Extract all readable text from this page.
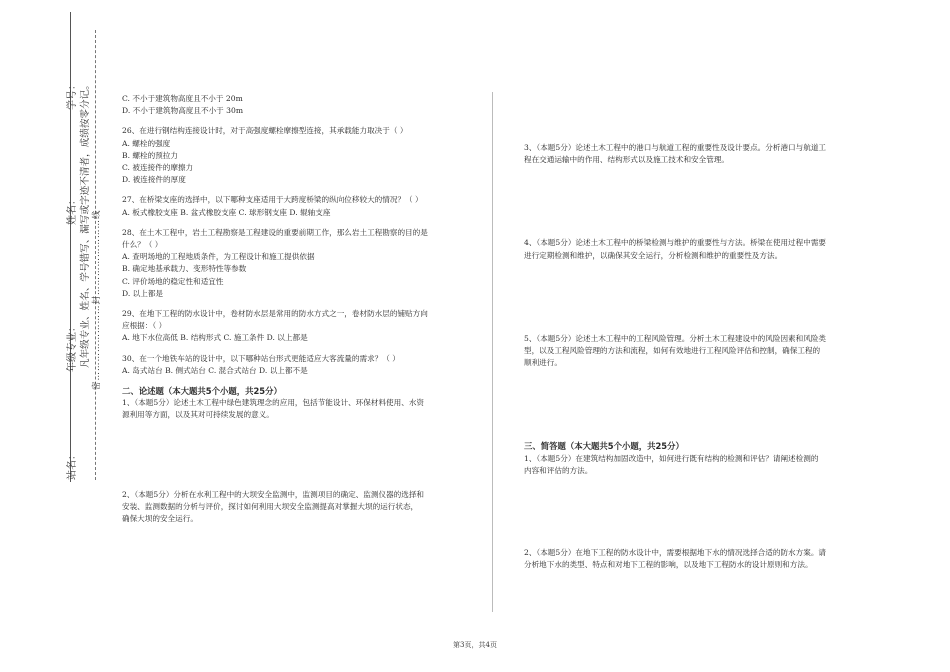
学号：
姓名：
年级专业：
站名：
凡年级专业、姓名、学号错写、漏写或字迹不清者，成绩按零分记。 密……………………封……………………线

C. 不小于建筑物高度且不小于 20m

D. 不小于建筑物高度且不小于 30m

26、在进行钢结构连接设计时，对于高强度螺栓摩擦型连接，其承载能力取决于（ ）

A. 螺栓的强度

B. 螺栓的预拉力

C. 被连接件的摩擦力

D. 被连接件的厚度

27、在桥梁支座的选择中，以下哪种支座适用于大跨度桥梁的纵向位移较大的情况？（ ）

A. 板式橡胶支座 B. 盆式橡胶支座 C. 球形钢支座 D. 辊轴支座

28、在土木工程中，岩土工程勘察是工程建设的重要前期工作，那么岩土工程勘察的目的是

什么？（ ）

A. 查明场地的工程地质条件，为工程设计和施工提供依据

B. 确定地基承载力、变形特性等参数

C. 评价场地的稳定性和适宜性

D. 以上都是

29、在地下工程的防水设计中，卷材防水层是常用的防水方式之一，卷材防水层的铺贴方向

应根据：（ ）

A. 地下水位高低 B. 结构形式 C. 施工条件 D. 以上都是

30、在一个地铁车站的设计中，以下哪种站台形式更能适应大客流量的需求？（ ）

A. 岛式站台 B. 侧式站台 C. 混合式站台 D. 以上都不是

二、论述题（本大题共5个小题，共25分）

1、（本题5分）论述土木工程中绿色建筑理念的应用，包括节能设计、环保材料使用、水资

源利用等方面，以及其对可持续发展的意义。

2、（本题5分）分析在水利工程中的大坝安全监测中，监测项目的确定、监测仪器的选择和

安装、监测数据的分析与评价，探讨如何利用大坝安全监测提高对掌握大坝的运行状态，

确保大坝的安全运行。

3、（本题5分）论述土木工程中的港口与航道工程的重要性及设计要点。分析港口与航道工

程在交通运输中的作用、结构形式以及施工技术和安全管理。

4、（本题5分）论述土木工程中的桥梁检测与维护的重要性与方法。桥梁在使用过程中需要

进行定期检测和维护，以确保其安全运行，分析检测和维护的重要性及方法。

5、（本题5分）论述土木工程中的工程风险管理。分析土木工程建设中的风险因素和风险类

型，以及工程风险管理的方法和流程，如何有效地进行工程风险评估和控制，确保工程的

顺利进行。

三、简答题（本大题共5个小题，共25分）

1、（本题5分）在建筑结构加固改造中，如何进行既有结构的检测和评估？请阐述检测的

内容和评估的方法。

2、（本题5分）在地下工程的防水设计中，需要根据地下水的情况选择合适的防水方案。请

分析地下水的类型、特点和对地下工程的影响，以及地下工程防水的设计原则和方法。

第3页，共4页
